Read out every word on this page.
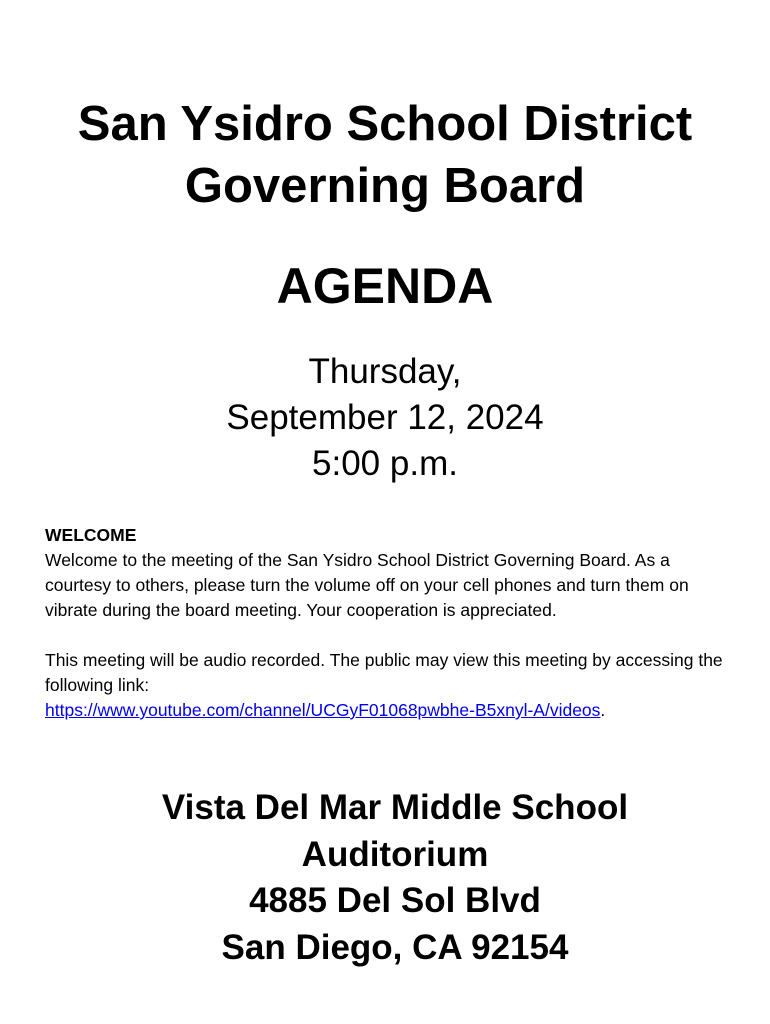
San Ysidro School District
Governing Board
AGENDA
Thursday,
September 12, 2024
5:00 p.m.
WELCOME
Welcome to the meeting of the San Ysidro School District Governing Board. As a courtesy to others, please turn the volume off on your cell phones and turn them on vibrate during the board meeting. Your cooperation is appreciated.
This meeting will be audio recorded. The public may view this meeting by accessing the following link:
https://www.youtube.com/channel/UCGyF01068pwbhe-B5xnyl-A/videos.
Vista Del Mar Middle School
Auditorium
4885 Del Sol Blvd
San Diego, CA 92154
